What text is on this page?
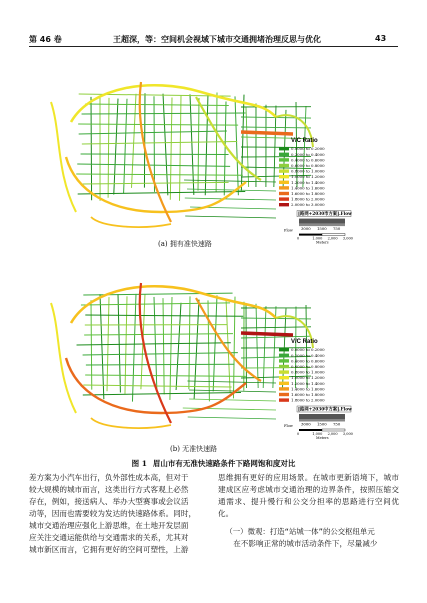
第 46 卷	王超深，等：空间机会视域下城市交通拥堵治理反思与优化	43
V/C Ratio
0.0000 to 0.2000
0.2000 to 0.4000
0.4000 to 0.6000
0.6000 to 0.8000
0.8000 to 1.0000
1.0000 to 1.2000
1.2000 to 1.4000
1.4000 to 1.6000
1.6000 to 1.8000
1.8000 to 2.0000
2.0000 to 3.0000
[路网+2030市方案].Flow
3000 1500 750
Flow
0	1,000 2,000 3,000
Meters
(a) 拥有准快速路
V/C Ratio
0.0000 to 0.2000
0.2000 to 0.4000
0.4000 to 0.6000
0.6000 to 0.8000
0.8000 to 1.0000
1.0000 to 1.2000
1.2000 to 1.4000
1.4000 to 1.6000
1.6000 to 1.8000
1.8000 to 2.0000
[路网+2030中方案].Flow
3000 1500 750
Flow
0	1,000 2,000 3,000
Meters
(b) 无准快速路
图 1 眉山市有无准快速路条件下路网饱和度对比

差方案为小汽车出行，负外部性成本高，但对于

较大规模的城市而言，这类出行方式客观上必然

存在，例如，接送病人、举办大型赛事或会议活

动等，因而也需要较为发达的快速路体系。同时，

城市交通治理应强化上游思维，在土地开发层面

应关注交通运能供给与交通需求的关系，尤其对

城市新区而言，它拥有更好的空间可塑性，上游

思维拥有更好的应用场景。在城市更新语境下，城市建成区应考虑城市交通治理的边界条件，按照压缩交通需求、提升慢行和公交分担率的思路进行空间优化。

（一）微观：打造“站城一体”的公交枢纽单元

在不影响正常的城市活动条件下，尽量减少
